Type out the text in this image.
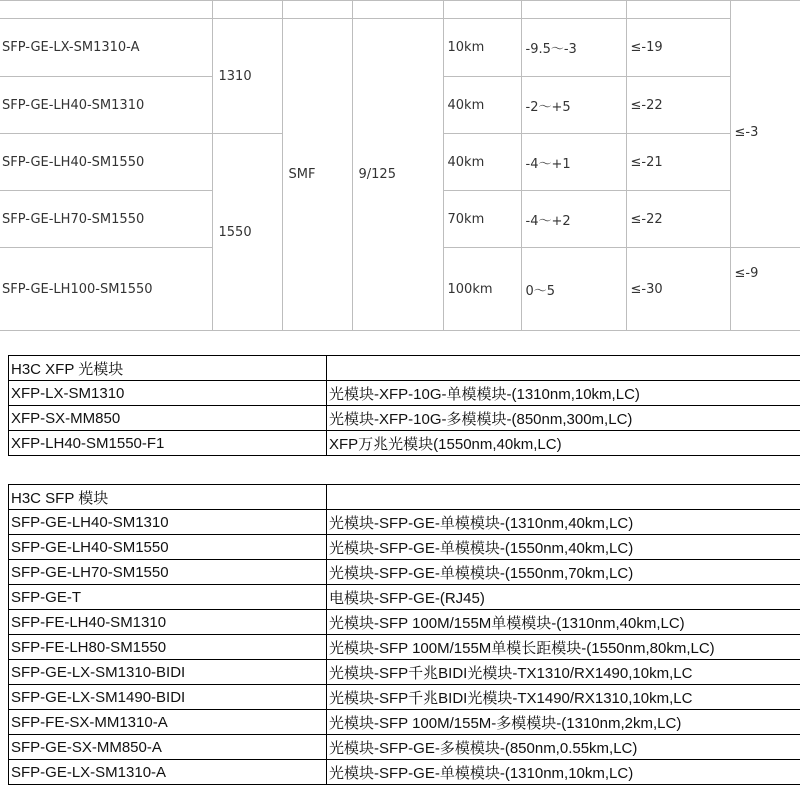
SFP-GE-LX-SM1310-A	1310	SMF	9/125	10km	-9.5～-3	≤-19	≤-3
SFP-GE-LH40-SM1310				40km	-2～+5	≤-22	
SFP-GE-LH40-SM1550	1550			40km	-4～+1	≤-21	
SFP-GE-LH70-SM1550				70km	-4～+2	≤-22	
SFP-GE-LH100-SM1550				100km	0～5	≤-30	≤-9
H3C XFP 光模块	
XFP-LX-SM1310	光模块-XFP-10G-单模模块-(1310nm,10km,LC)
XFP-SX-MM850	光模块-XFP-10G-多模模块-(850nm,300m,LC)
XFP-LH40-SM1550-F1	XFP万兆光模块(1550nm,40km,LC)
H3C SFP 模块	
SFP-GE-LH40-SM1310	光模块-SFP-GE-单模模块-(1310nm,40km,LC)
SFP-GE-LH40-SM1550	光模块-SFP-GE-单模模块-(1550nm,40km,LC)
SFP-GE-LH70-SM1550	光模块-SFP-GE-单模模块-(1550nm,70km,LC)
SFP-GE-T	电模块-SFP-GE-(RJ45)
SFP-FE-LH40-SM1310	光模块-SFP 100M/155M单模模块-(1310nm,40km,LC)
SFP-FE-LH80-SM1550	光模块-SFP 100M/155M单模长距模块-(1550nm,80km,LC)
SFP-GE-LX-SM1310-BIDI	光模块-SFP千兆BIDI光模块-TX1310/RX1490,10km,LC
SFP-GE-LX-SM1490-BIDI	光模块-SFP千兆BIDI光模块-TX1490/RX1310,10km,LC
SFP-FE-SX-MM1310-A	光模块-SFP 100M/155M-多模模块-(1310nm,2km,LC)
SFP-GE-SX-MM850-A	光模块-SFP-GE-多模模块-(850nm,0.55km,LC)
SFP-GE-LX-SM1310-A	光模块-SFP-GE-单模模块-(1310nm,10km,LC)
